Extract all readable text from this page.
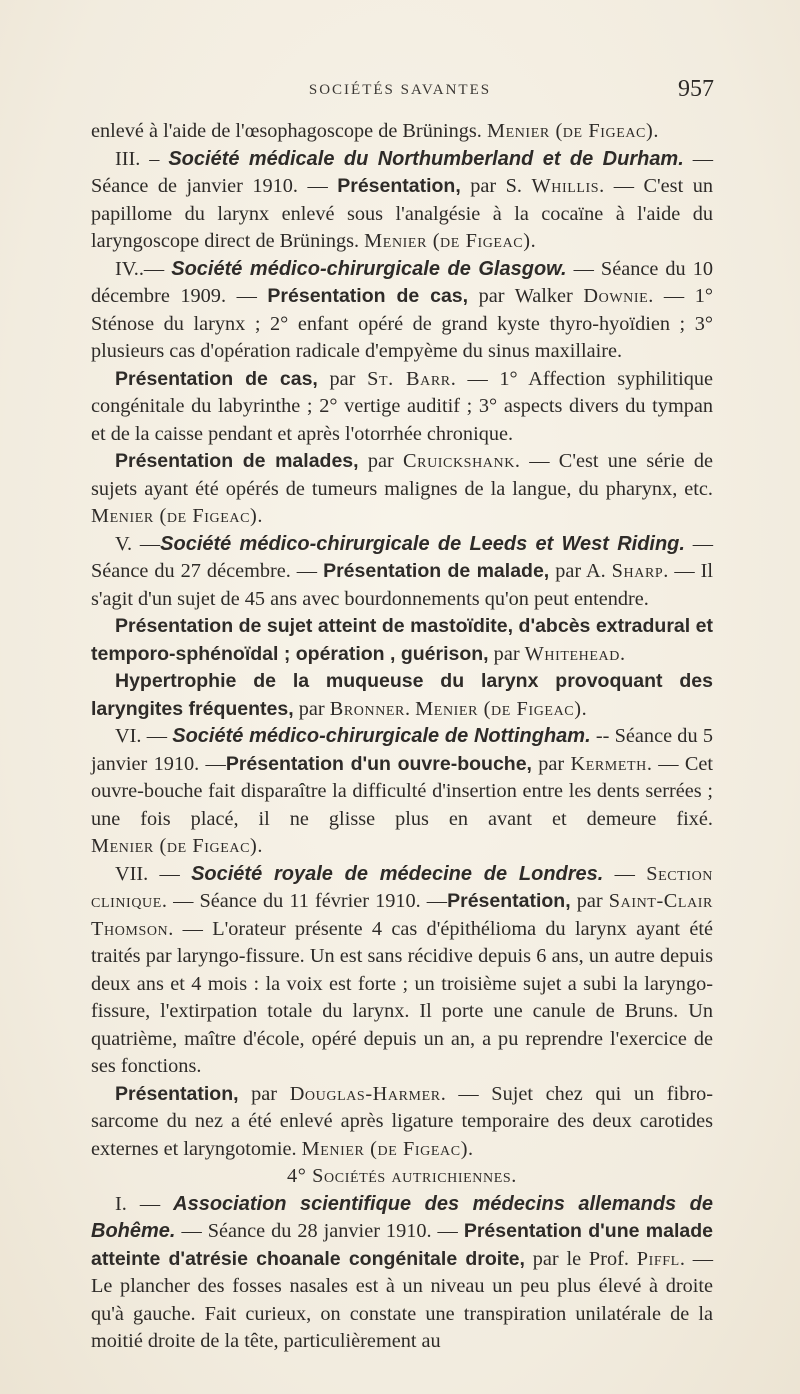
SOCIÉTÉS SAVANTES	957

enlevé à l'aide de l'œsophagoscope de Brünings. Menier (de Figeac).

III. – Société médicale du Northumberland et de Durham. — Séance de janvier 1910. — Présentation, par S. Whillis. — C'est un papillome du larynx enlevé sous l'analgésie à la cocaïne à l'aide du laryngoscope direct de Brünings. Menier (de Figeac).

IV..— Société médico-chirurgicale de Glasgow. — Séance du 10 décembre 1909. — Présentation de cas, par Walker Downie. — 1° Sténose du larynx ; 2° enfant opéré de grand kyste thyro-hyoïdien ; 3° plusieurs cas d'opération radicale d'empyème du sinus maxillaire.

Présentation de cas, par St. Barr. — 1° Affection syphilitique congénitale du labyrinthe ; 2° vertige auditif ; 3° aspects divers du tympan et de la caisse pendant et après l'otorrhée chronique.

Présentation de malades, par Cruickshank. — C'est une série de sujets ayant été opérés de tumeurs malignes de la langue, du pharynx, etc. Menier (de Figeac).

V. —Société médico-chirurgicale de Leeds et West Riding. — Séance du 27 décembre. — Présentation de malade, par A. Sharp. — Il s'agit d'un sujet de 45 ans avec bourdonnements qu'on peut entendre.

Présentation de sujet atteint de mastoïdite, d'abcès extradural et temporo-sphénoïdal ; opération , guérison, par Whitehead.

Hypertrophie de la muqueuse du larynx provoquant des laryngites fréquentes, par Bronner. Menier (de Figeac).

VI. — Société médico-chirurgicale de Nottingham. -- Séance du 5 janvier 1910. —Présentation d'un ouvre-bouche, par Kermeth. — Cet ouvre-bouche fait disparaître la difficulté d'insertion entre les dents serrées ; une fois placé, il ne glisse plus en avant et demeure fixé. Menier (de Figeac).

VII. — Société royale de médecine de Londres. — Section clinique. — Séance du 11 février 1910. —Présentation, par Saint-Clair Thomson. — L'orateur présente 4 cas d'épithélioma du larynx ayant été traités par laryngo-fissure. Un est sans récidive depuis 6 ans, un autre depuis deux ans et 4 mois : la voix est forte ; un troisième sujet a subi la laryngo-fissure, l'extirpation totale du larynx. Il porte une canule de Bruns. Un quatrième, maître d'école, opéré depuis un an, a pu reprendre l'exercice de ses fonctions.

Présentation, par Douglas-Harmer. — Sujet chez qui un fibro-sarcome du nez a été enlevé après ligature temporaire des deux carotides externes et laryngotomie. Menier (de Figeac).

4° Sociétés autrichiennes.

I. — Association scientifique des médecins allemands de Bohême. — Séance du 28 janvier 1910. — Présentation d'une malade atteinte d'atrésie choanale congénitale droite, par le Prof. Piffl. — Le plancher des fosses nasales est à un niveau un peu plus élevé à droite qu'à gauche. Fait curieux, on constate une transpiration unilatérale de la moitié droite de la tête, particulièrement au
